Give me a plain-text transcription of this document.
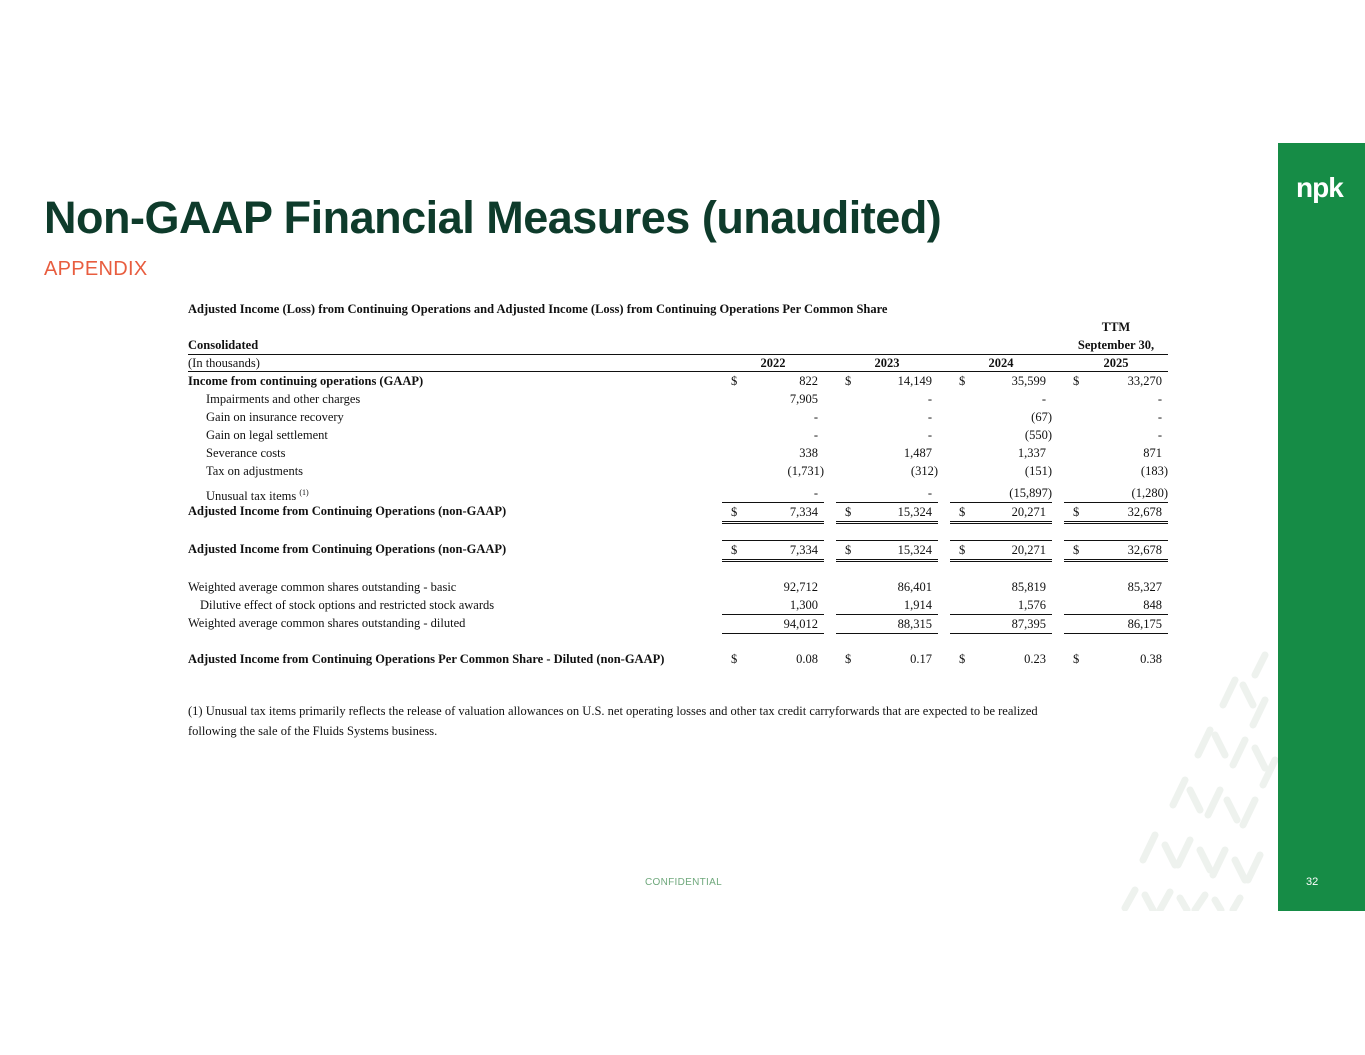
Non-GAAP Financial Measures (unaudited)
APPENDIX
npk
32
CONFIDENTIAL
Adjusted Income (Loss) from Continuing Operations and Adjusted Income (Loss) from Continuing Operations Per Common Share
TTM
Consolidated	September 30,
(In thousands)	2022	2023	2024	2025
Income from continuing operations (GAAP)	$	822 $	14,149 $	35,599 $	33,270
Impairments and other charges	7,905	-	-	-
Gain on insurance recovery	-	-	(67)	-
Gain on legal settlement	-	-	(550)	-
Severance costs	338	1,487	1,337	871
Tax on adjustments	(1,731)	(312)	(151)	(183)
Unusual tax items $^{(1)}$	-	-	(15,897)	(1,280)
Adjusted Income from Continuing Operations (non-GAAP)	$	7,334 $	15,324 $	20,271 $	32,678
Adjusted Income from Continuing Operations (non-GAAP)	$	7,334 $	15,324 $	20,271 $	32,678
Weighted average common shares outstanding - basic	92,712	86,401	85,819	85,327
Dilutive effect of stock options and restricted stock awards	1,300	1,914	1,576	848
Weighted average common shares outstanding - diluted	94,012	88,315	87,395	86,175
Adjusted Income from Continuing Operations Per Common Share - Diluted (non-GAAP)	$	0.08 $	0.17 $	0.23 $	0.38
(1) Unusual tax items primarily reflects the release of valuation allowances on U.S. net operating losses and other tax credit carryforwards that are expected to be realized
following the sale of the Fluids Systems business.
